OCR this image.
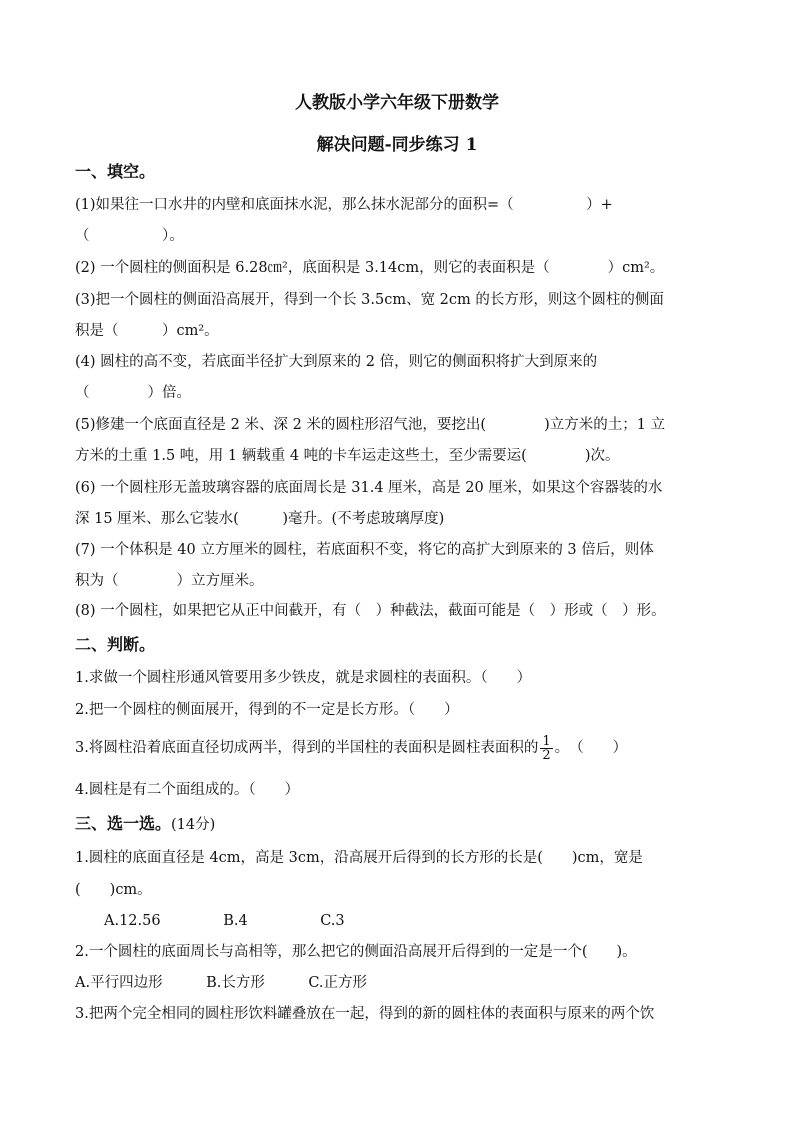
人教版小学六年级下册数学
解决问题-同步练习 1
一、填空。
(1)如果往一口水井的内壁和底面抹水泥，那么抹水泥部分的面积=（　　　　　）+
（　　　　　）。
(2) 一个圆柱的侧面积是 6.28㎝²，底面积是 3.14cm，则它的表面积是（　　　　）cm²。
(3)把一个圆柱的侧面沿高展开，得到一个长 3.5cm、宽 2cm 的长方形，则这个圆柱的侧面
积是（　　　）cm²。
(4) 圆柱的高不变，若底面半径扩大到原来的 2 倍，则它的侧面积将扩大到原来的
（　　　　）倍。
(5)修建一个底面直径是 2 米、深 2 米的圆柱形沼气池，要挖出(　　　　)立方米的土；1 立
方米的土重 1.5 吨，用 1 辆载重 4 吨的卡车运走这些土，至少需要运(　　　　)次。
(6) 一个圆柱形无盖玻璃容器的底面周长是 31.4 厘米，高是 20 厘米，如果这个容器装的水
深 15 厘米、那么它装水(　　　)毫升。(不考虑玻璃厚度)
(7) 一个体积是 40 立方厘米的圆柱，若底面积不变，将它的高扩大到原来的 3 倍后，则体
积为（　　　　）立方厘米。
(8) 一个圆柱，如果把它从正中间截开，有（　）种截法，截面可能是（　）形或（　）形。
二、判断。
1.求做一个圆柱形通风管要用多少铁皮，就是求圆柱的表面积。（　　）
2.把一个圆柱的侧面展开，得到的不一定是长方形。（　　）
3.将圆柱沿着底面直径切成两半，得到的半国柱的表面积是圆柱表面积的 $\frac{1}{2}$ 。　（　　）
4.圆柱是有二个面组成的。（　　）
三、选一选。(14分)
1.圆柱的底面直径是 4cm，高是 3cm，沿高展开后得到的长方形的长是(　　)cm，宽是
(　　)cm。
　　A.12.56　　　　 B.4　　　　　C.3
2.一个圆柱的底面周长与高相等，那么把它的侧面沿高展开后得到的一定是一个(　　)。
A.平行四边形　　　B.长方形　　　C.正方形
3.把两个完全相同的圆柱形饮料罐叠放在一起，得到的新的圆柱体的表面积与原来的两个饮
